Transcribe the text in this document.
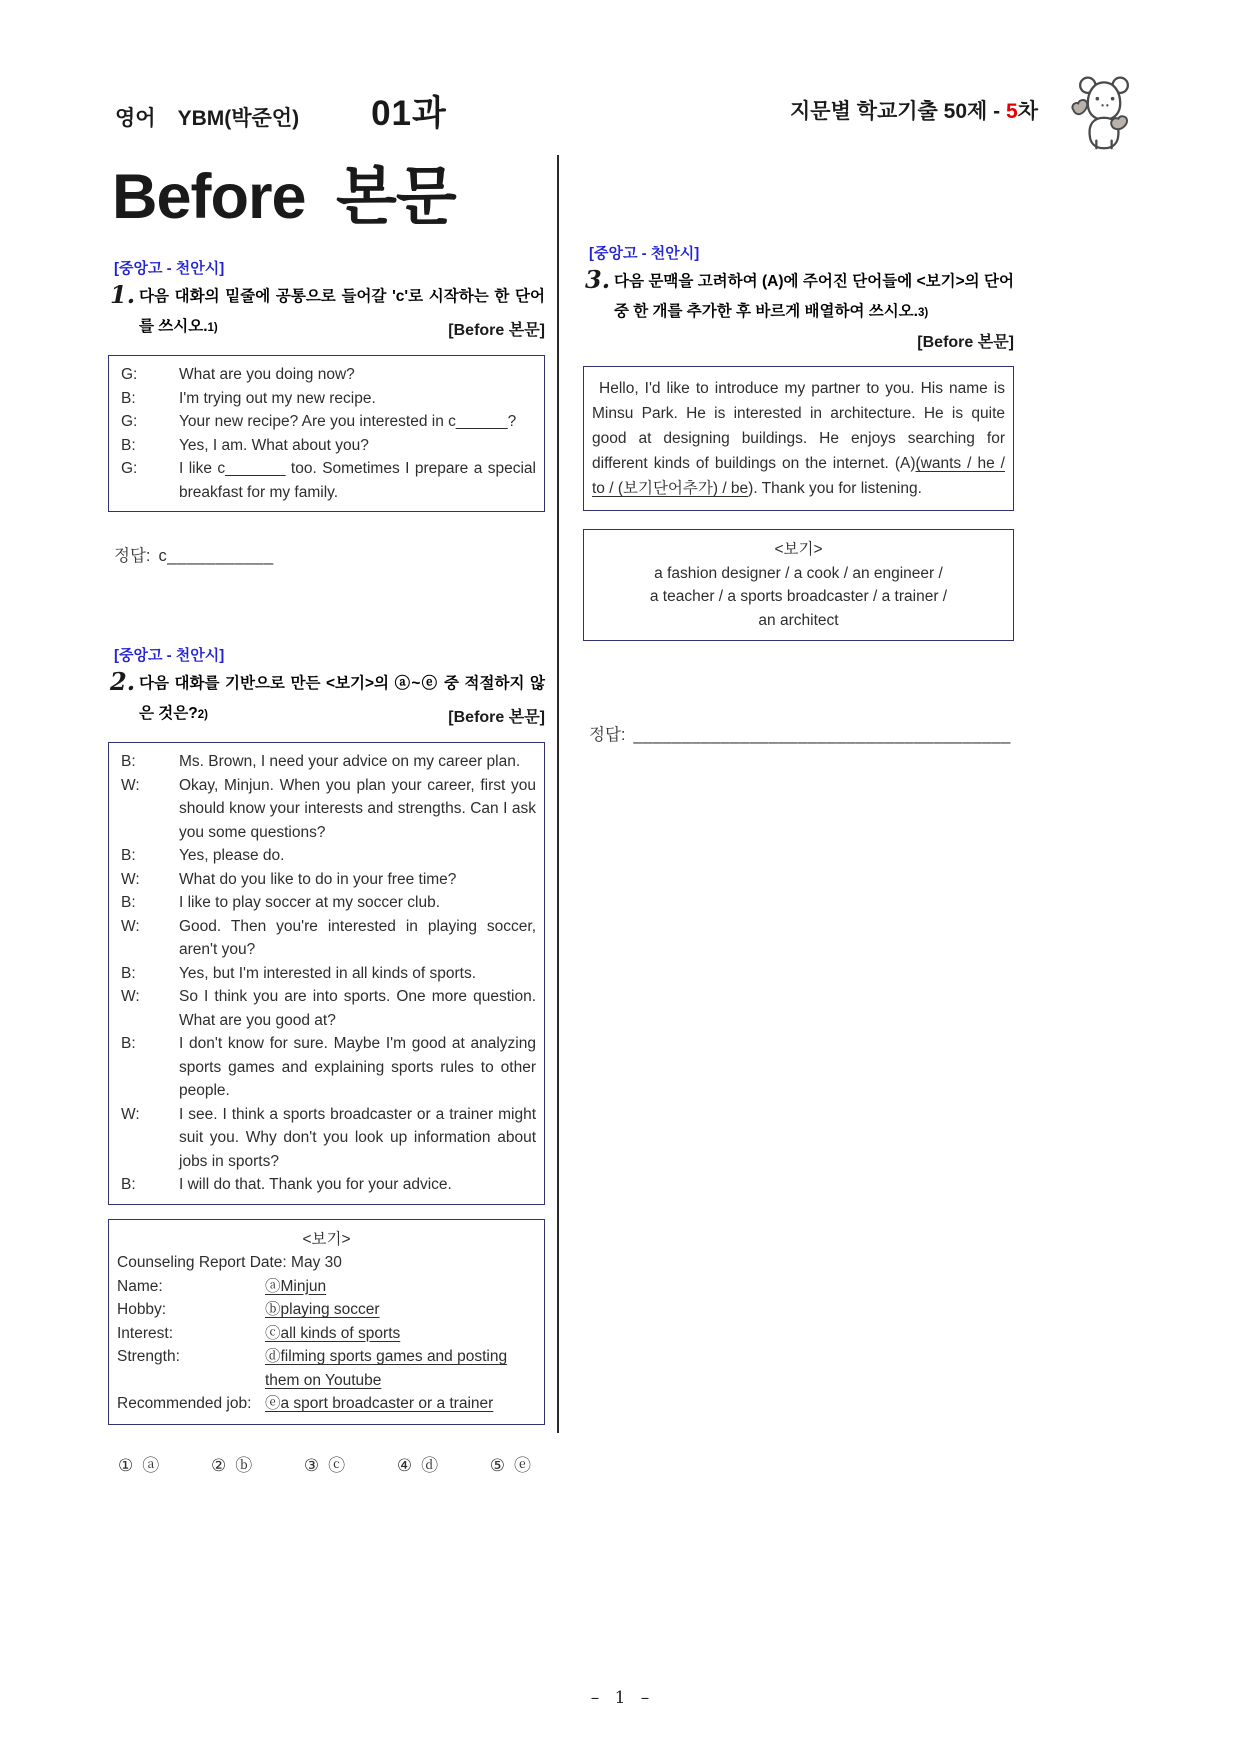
영어 YBM(박준언) 01과	지문별 학교기출 50제 - 5차
Before 본문
[중앙고 - 천안시]
1. 다음 대화의 밑줄에 공통으로 들어갈 'c'로 시작하는 한 단어를 쓰시오.1)	[Before 본문]
G:	What are you doing now?
B:	I'm trying out my new recipe.
G:	Your new recipe? Are you interested in c______?
B:	Yes, I am. What about you?
G:	I like c_______ too. Sometimes I prepare a special breakfast for my family.
정답: c___________
[중앙고 - 천안시]
2. 다음 대화를 기반으로 만든 <보기>의 ⓐ~ⓔ 중 적절하지 않은 것은?2)	[Before 본문]
B:	Ms. Brown, I need your advice on my career plan.
W:	Okay, Minjun. When you plan your career, first you should know your interests and strengths. Can I ask you some questions?
B:	Yes, please do.
W:	What do you like to do in your free time?
B:	I like to play soccer at my soccer club.
W:	Good. Then you're interested in playing soccer, aren't you?
B:	Yes, but I'm interested in all kinds of sports.
W:	So I think you are into sports. One more question. What are you good at?
B:	I don't know for sure. Maybe I'm good at analyzing sports games and explaining sports rules to other people.
W:	I see. I think a sports broadcaster or a trainer might suit you. Why don't you look up information about jobs in sports?
B:	I will do that. Thank you for your advice.
<보기>
Counseling Report Date: May 30
Name:	ⓐMinjun
Hobby:	ⓑplaying soccer
Interest:	ⓒall kinds of sports
Strength:	ⓓfilming sports games and posting them on Youtube
Recommended job: ⓔa sport broadcaster or a trainer
① ⓐ	② ⓑ	③ ⓒ	④ ⓓ	⑤ ⓔ
[중앙고 - 천안시]
3. 다음 문맥을 고려하여 (A)에 주어진 단어들에 <보기>의 단어 중 한 개를 추가한 후 바르게 배열하여 쓰시오.3)

[Before 본문]

Hello, I'd like to introduce my partner to you. His name is Minsu Park. He is interested in architecture. He is quite good at designing buildings. He enjoys searching for different kinds of buildings on the internet. (A)(wants / he / to / (보기단어추가) / be). Thank you for listening.

<보기>
a fashion designer / a cook / an engineer /
a teacher / a sports broadcaster / a trainer /
an architect
정답: _______________________________________
– 1 –
